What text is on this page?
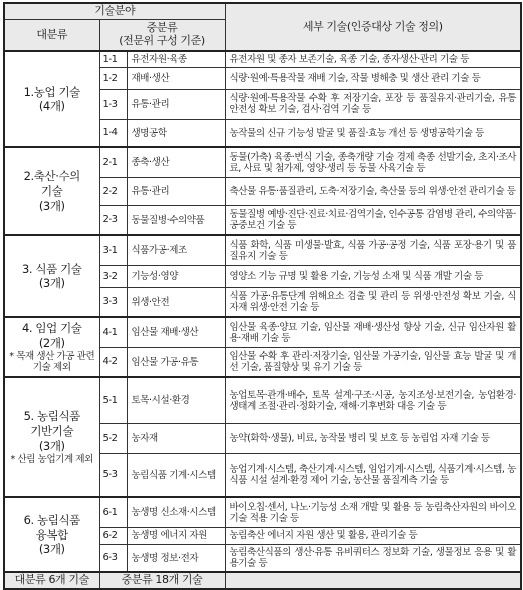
기술분야			세부 기술(인증대상 기술 정의)
대분류	중분류
(전문위 구성 기준)		
1.농업 기술
(4개)	1-1	유전자원·육종	유전자원 및 종자 보존기술, 육종 기술, 종자생산·관리 기술 등
	1-2	재배·생산	식량·원예·특용작물 재배 기술, 작물 병해충 및 생산 관리 기술 등
	1-3	유통·관리	식량·원예·특용작물 수확 후 저장기술, 포장 등 품질유지·관리기술, 유통 안전성 확보 기술, 검사·검역 기술 등
	1-4	생명공학	농작물의 신규 기능성 발굴 및 품질·효능 개선 등 생명공학기술 등
2.축산·수의
기술
(3개)	2-1	종축·생산	동물(가축) 육종·번식 기술, 종축개량 기술 경제 축종 선발기술, 초지·조사료, 사료 및 첨가제, 영양·생리 등 동물 사육기술 등
	2-2	유통·관리	축산물 유통·품질관리, 도축·저장기술, 축산물 등의 위생·안전 관리기술 등
	2-3	동물질병·수의약품	동물질병 예방·진단·진료·치료·검역기술, 인수공통 감염병 관리, 수의약품·공중보건 기술 등
3. 식품 기술
(3개)	3-1	식품가공·제조	식품 화학, 식품 미생물·발효, 식품 가공·공정 기술, 식품 포장·용기 및 품질유지 기술 등
	3-2	기능성·영양	영양소 기능 규명 및 활용 기술, 기능성 소재 및 식품 개발 기술 등
	3-3	위생·안전	식품 가공·유통단계 위해요소 검출 및 관리 등 위생·안전성 확보 기술, 식자재 위생·안전 기술 등
4. 임업 기술
(2개)
* 목재 생산 가공 관련 기술 제외	4-1	임산물 재배·생산	임산물 육종·양묘 기술, 임산물 재배·생산성 향상 기술, 신규 임산자원 활용·재배 기술 등
	4-2	임산물 가공·유통	임산물 수확 후 관리·저장기술, 임산물 가공기술, 임산물 효능 발굴 및 개선 기술, 품질향상 및 유기 기술 등
5. 농림식품
기반기술
(3개)
* 산림 농업기계 제외	5-1	토목·시설·환경	농업토목·관개·배수, 토목 설계·구조·시공, 농지조성·보전기술, 농업환경·생태계 조절·관리·정화기술, 재해·기후변화 대응 기술 등
	5-2	농자재	농약(화학·생물), 비료, 농작물 병리 및 보호 등 농림업 자재 기술 등
	5-3	농림식품 기계·시스템	농업기계·시스템, 축산기계·시스템, 임업기계·시스템, 식품기계·시스템, 농식품 시설 설계·환경 제어 기술, 농산물 품질계측 기술 등
6. 농림식품
융복합
(3개)	6-1	농생명 신소재·시스템	바이오칩·센서, 나노·기능성 소재 개발 및 활용 등 농림축산자원의 바이오기술 적용 기술 등
	6-2	농생명 에너지 자원	농림축산 에너지 자원 생산 및 활용, 관리기술 등
	6-3	농생명 정보·전자	농림축산식품의 생산·유통 유비쿼터스 정보화 기술, 생물정보 응용 및 활용기술 등
대분류 6개 기술	중분류 18개 기술		
